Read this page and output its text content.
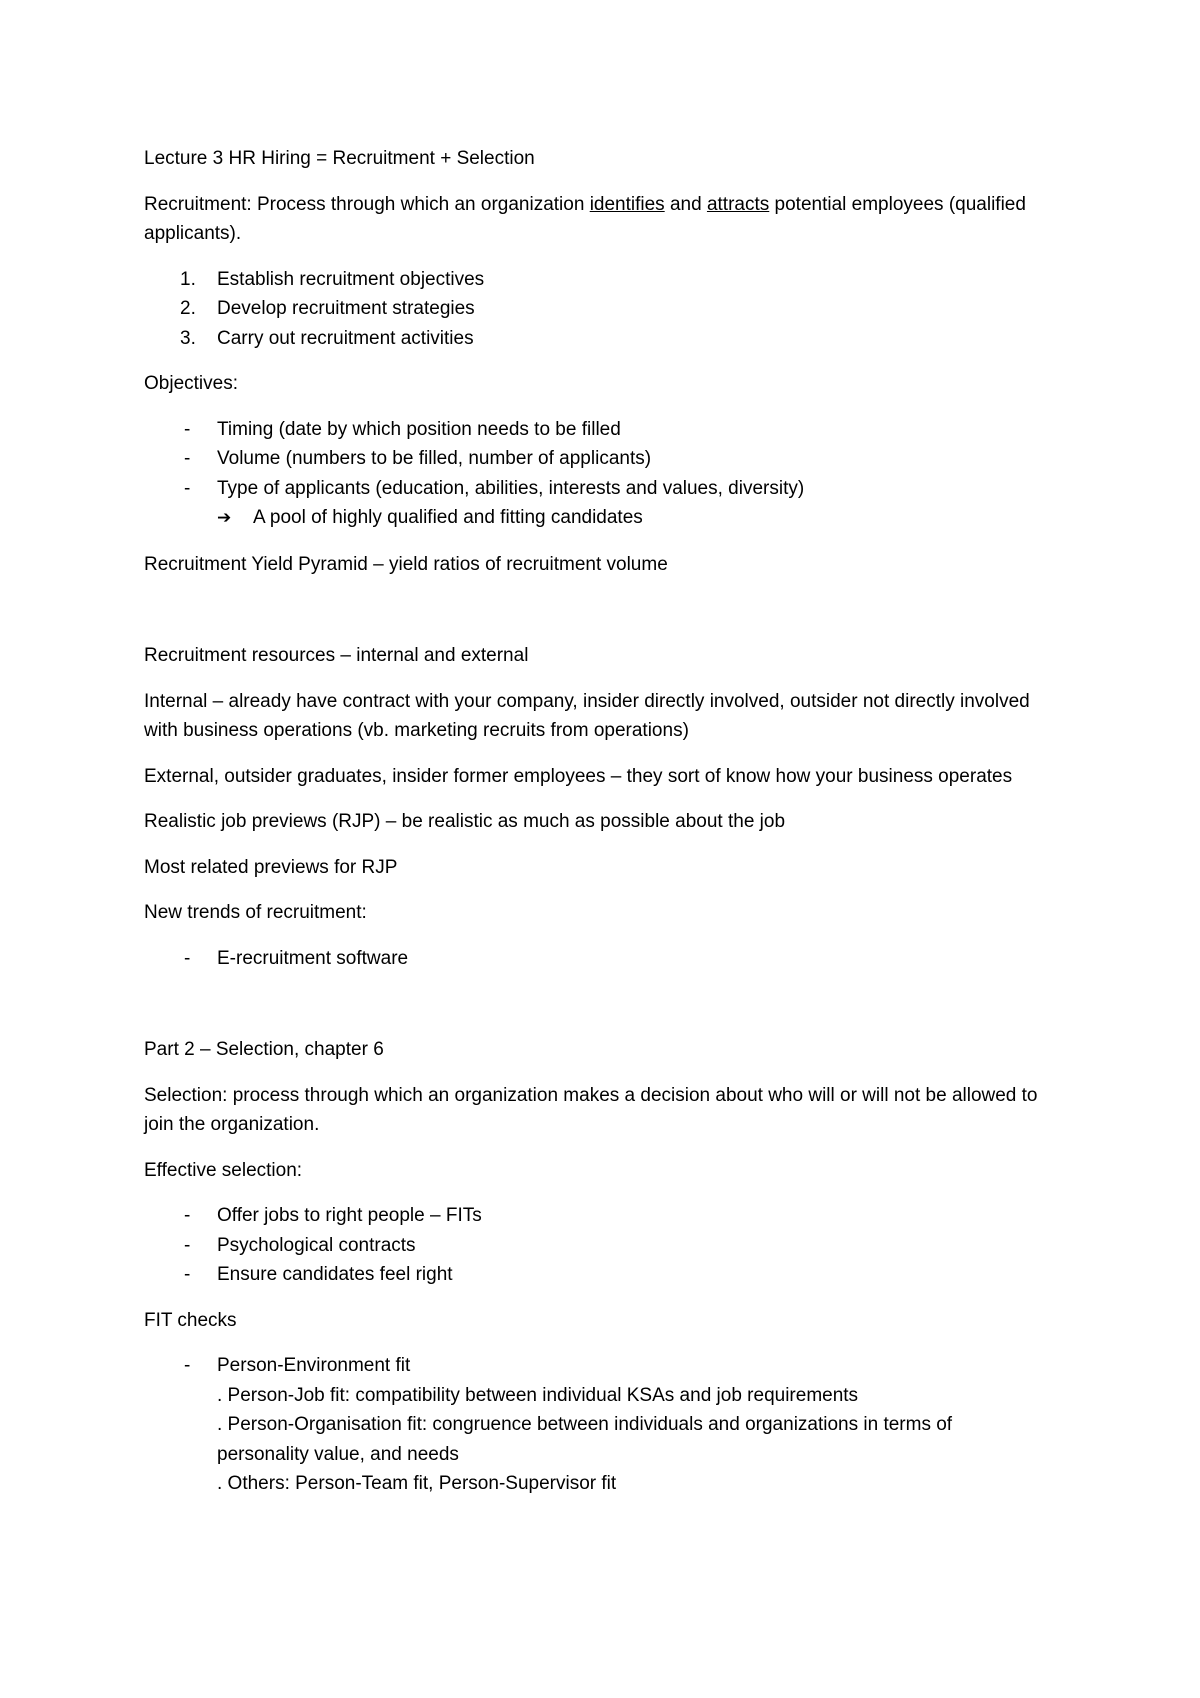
Lecture 3 HR Hiring = Recruitment + Selection

Recruitment: Process through which an organization identifies and attracts potential employees (qualified applicants).

1. Establish recruitment objectives
2. Develop recruitment strategies
3. Carry out recruitment activities

Objectives:

- Timing (date by which position needs to be filled
- Volume (numbers to be filled, number of applicants)
- Type of applicants (education, abilities, interests and values, diversity)
➔ A pool of highly qualified and fitting candidates

Recruitment Yield Pyramid – yield ratios of recruitment volume

Recruitment resources – internal and external

Internal – already have contract with your company, insider directly involved, outsider not directly involved with business operations (vb. marketing recruits from operations)

External, outsider graduates, insider former employees – they sort of know how your business operates

Realistic job previews (RJP) – be realistic as much as possible about the job

Most related previews for RJP

New trends of recruitment:

- E-recruitment software

Part 2 – Selection, chapter 6

Selection: process through which an organization makes a decision about who will or will not be allowed to join the organization.

Effective selection:

- Offer jobs to right people – FITs
- Psychological contracts
- Ensure candidates feel right

FIT checks

- Person-Environment fit
. Person-Job fit: compatibility between individual KSAs and job requirements
. Person-Organisation fit: congruence between individuals and organizations in terms of personality value, and needs
. Others: Person-Team fit, Person-Supervisor fit
